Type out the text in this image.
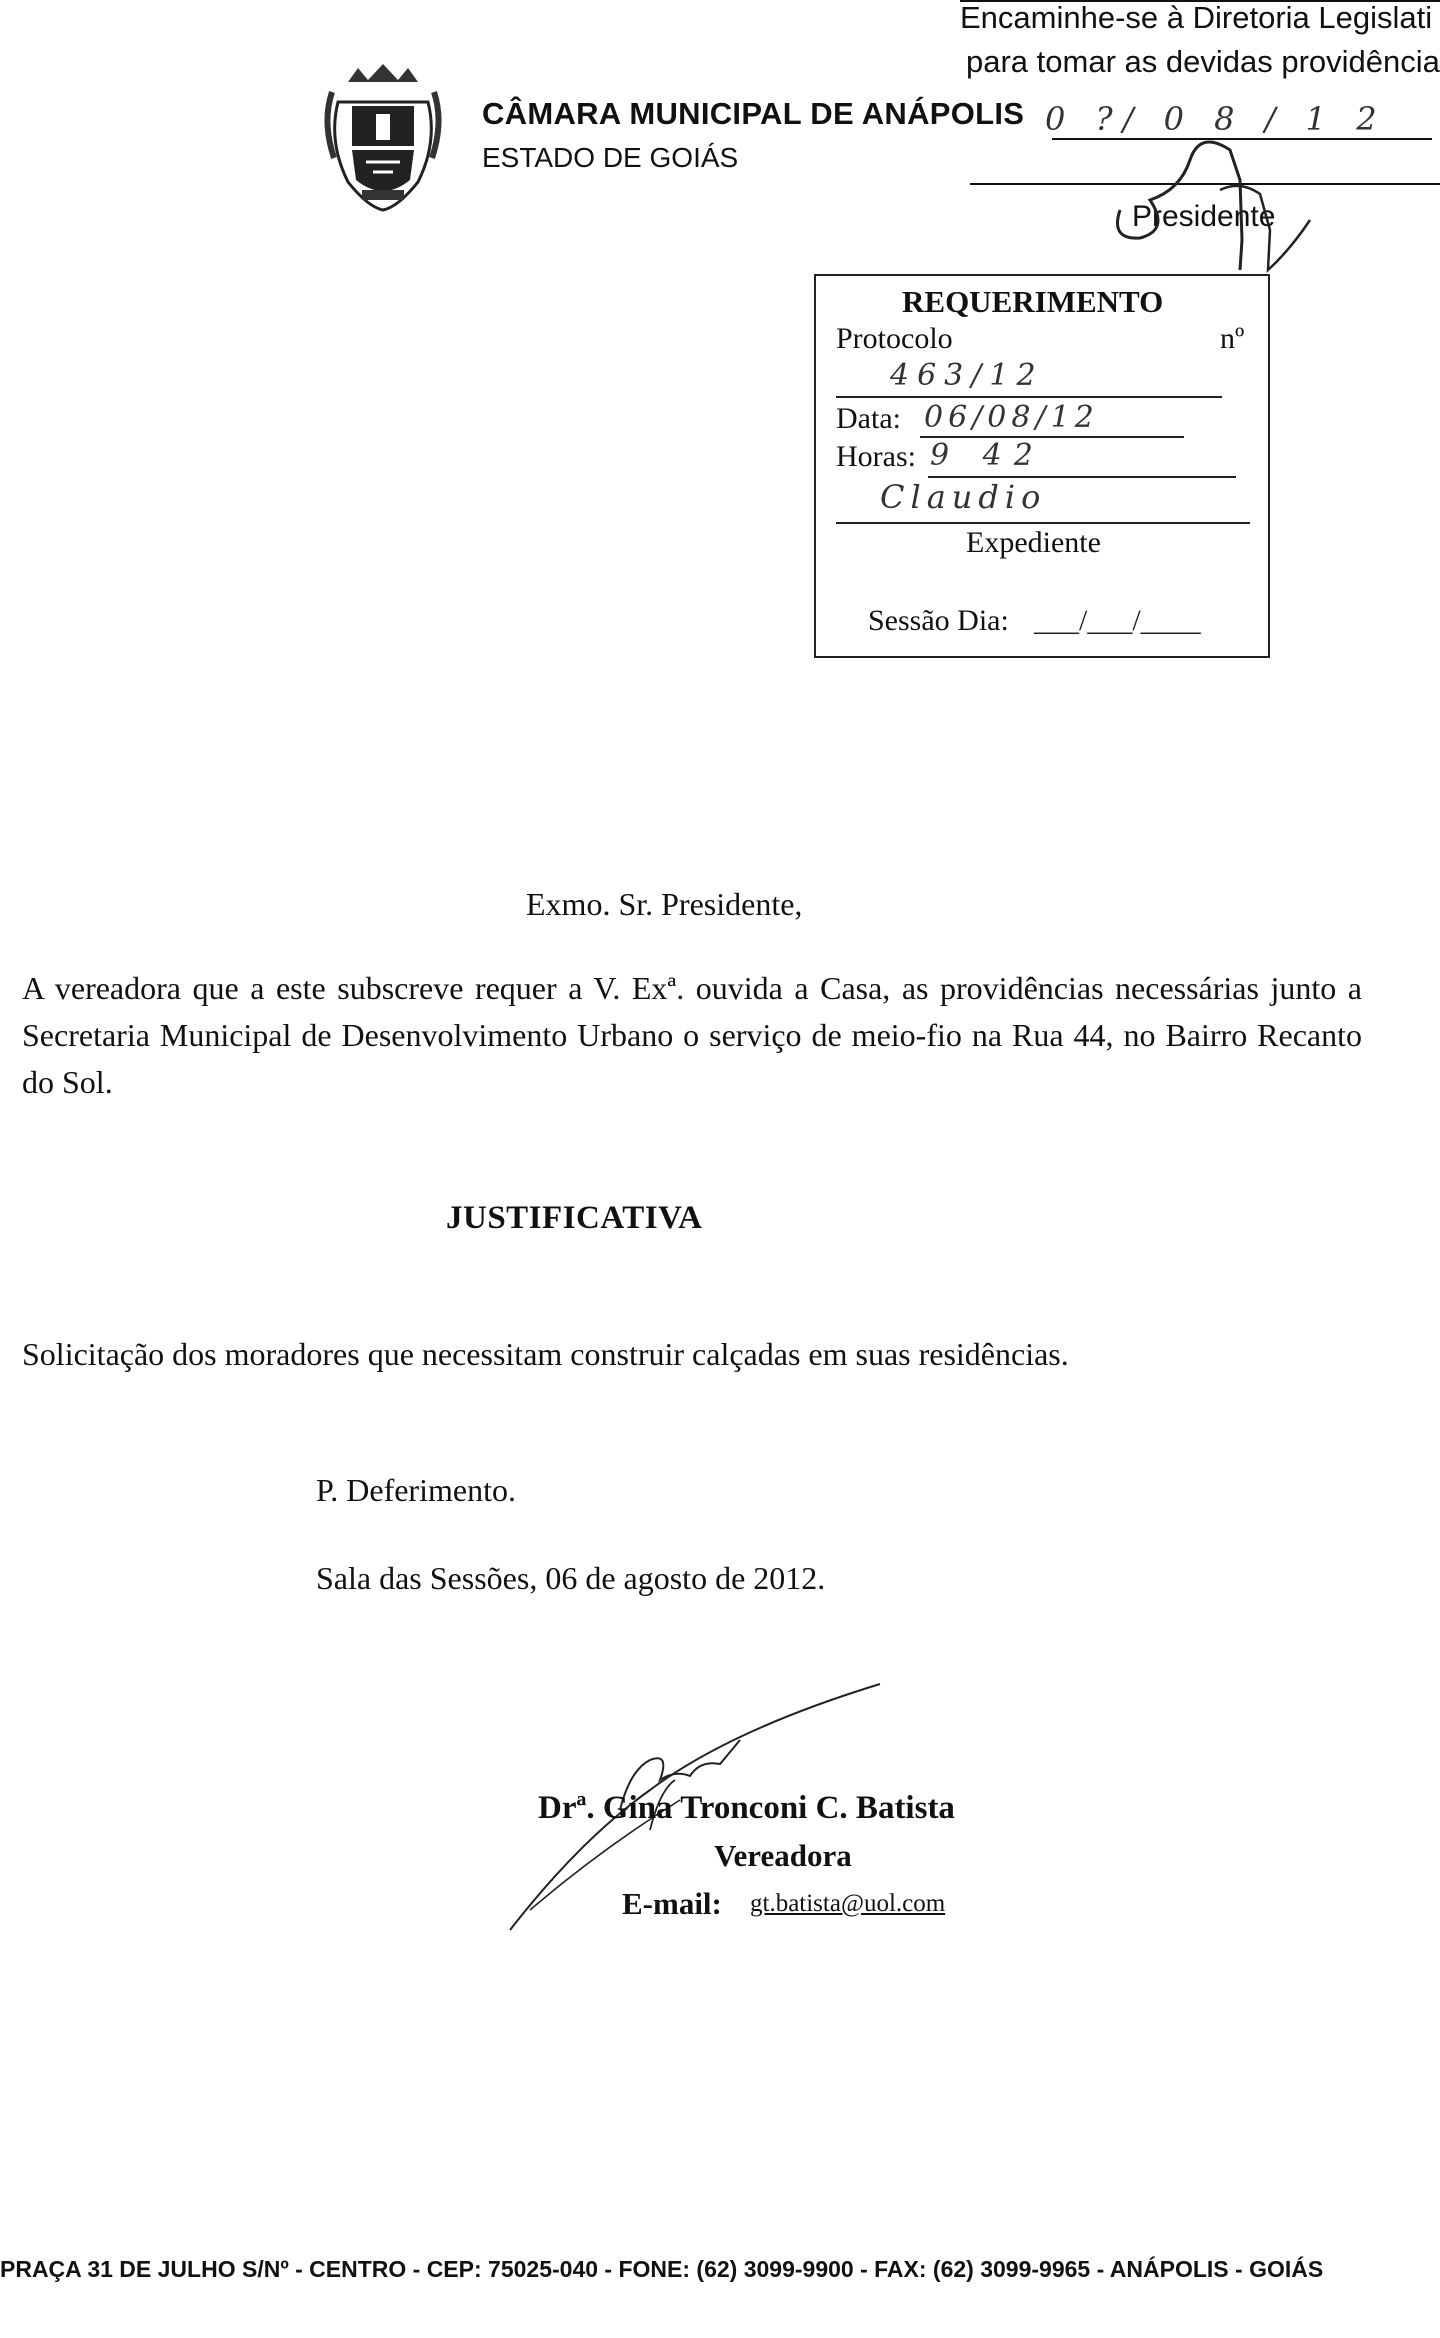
CÂMARA MUNICIPAL DE ANÁPOLIS
ESTADO DE GOIÁS
Encaminhe-se à Diretoria Legislati
para tomar as devidas providência
0 ?/ 0 8 / 1 2
Presidente
REQUERIMENTO
Protocolo	nº
463/12
Data: 06/08/12
Horas: 9 42
Claudio
Expediente
Sessão Dia: ___/___/____
Exmo. Sr. Presidente,
A vereadora que a este subscreve requer a V. Exª. ouvida a Casa, as providências necessárias junto a Secretaria Municipal de Desenvolvimento Urbano o serviço de meio-fio na Rua 44, no Bairro Recanto do Sol.
JUSTIFICATIVA
Solicitação dos moradores que necessitam construir calçadas em suas residências.
P. Deferimento.
Sala das Sessões, 06 de agosto de 2012.
Drª. Gina Tronconi C. Batista
Vereadora
E-mail: gt.batista@uol.com
PRAÇA 31 DE JULHO S/Nº - CENTRO - CEP: 75025-040 - FONE: (62) 3099-9900 - FAX: (62) 3099-9965 - ANÁPOLIS - GOIÁS
